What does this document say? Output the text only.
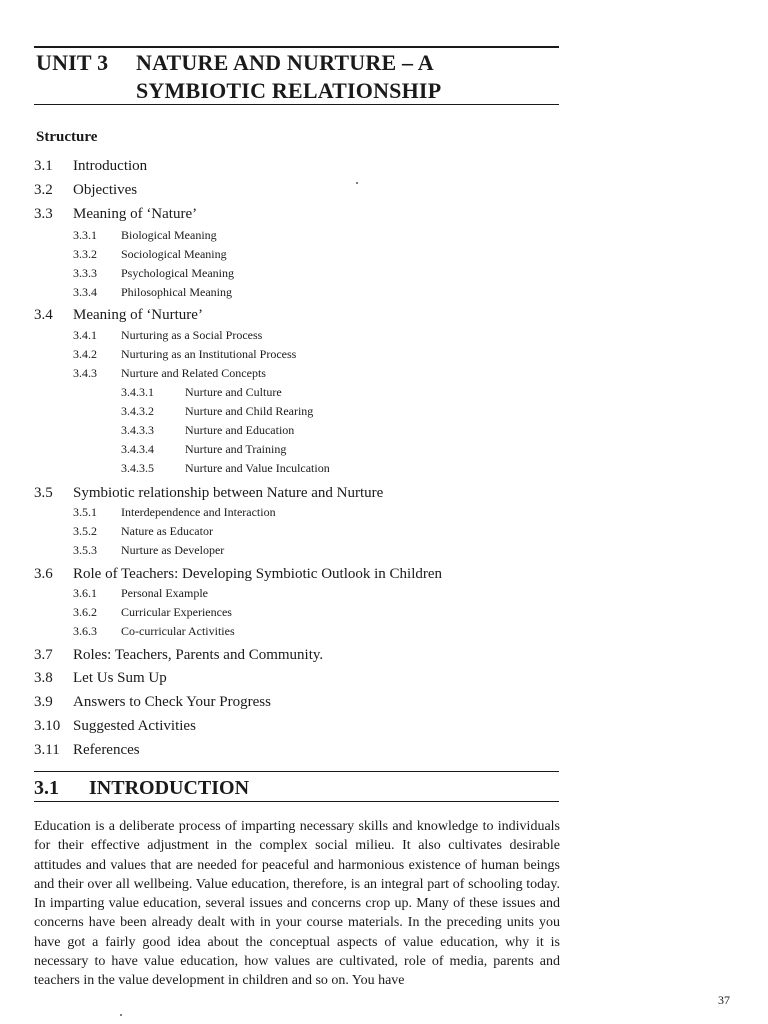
UNIT 3 NATURE AND NURTURE – A
SYMBIOTIC RELATIONSHIP
Structure
3.1 Introduction
3.2 Objectives
3.3 Meaning of ‘Nature’
3.3.1 Biological Meaning
3.3.2 Sociological Meaning
3.3.3 Psychological Meaning
3.3.4 Philosophical Meaning
3.4 Meaning of ‘Nurture’
3.4.1 Nurturing as a Social Process
3.4.2 Nurturing as an Institutional Process
3.4.3 Nurture and Related Concepts
3.4.3.1	Nurture and Culture
3.4.3.2	Nurture and Child Rearing
3.4.3.3	Nurture and Education
3.4.3.4	Nurture and Training
3.4.3.5	Nurture and Value Inculcation
3.5 Symbiotic relationship between Nature and Nurture
3.5.1 Interdependence and Interaction
3.5.2 Nature as Educator
3.5.3 Nurture as Developer
3.6 Role of Teachers: Developing Symbiotic Outlook in Children
3.6.1 Personal Example
3.6.2 Curricular Experiences
3.6.3 Co-curricular Activities
3.7 Roles: Teachers, Parents and Community.
3.8 Let Us Sum Up
3.9 Answers to Check Your Progress
3.10 Suggested Activities
3.11 References
3.1 INTRODUCTION
Education is a deliberate process of imparting necessary skills and knowledge to individuals for their effective adjustment in the complex social milieu. It also cultivates desirable attitudes and values that are needed for peaceful and harmonious existence of human beings and their over all wellbeing. Value education, therefore, is an integral part of schooling today. In imparting value education, several issues and concerns crop up. Many of these issues and concerns have been already dealt with in your course materials. In the preceding units you have got a fairly good idea about the conceptual aspects of value education, why it is necessary to have value education, how values are cultivated, role of media, parents and teachers in the value development in children and so on. You have
37
